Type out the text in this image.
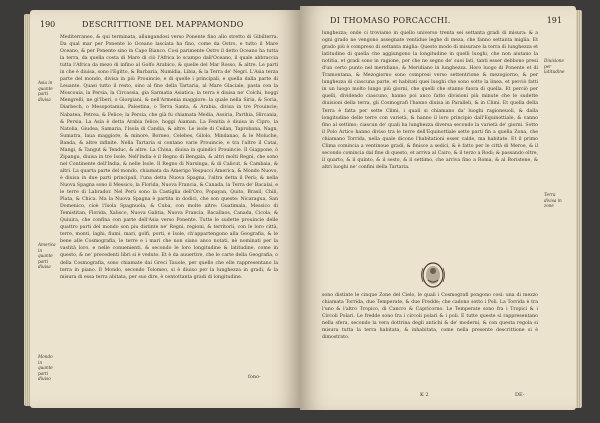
190	DESCRITTIONE DEL MAPPAMONDO

Mediterraneo, & qui terminata, allungandosi verso Ponente fino allo stretto di Gibilterra. Da qual mar per Ponente lo Oceano lasciata ha fino, come da Ostro, e tutto il Mare Oceano, & per Ponente sino in Capo Bianco. Cosi parimente Ostro il detto Oceano ha tutta la terra, da quella costa di Mare di ciò l'Africa lo scampo dall'Oceano, il quale abbraccia tutta l'Africa da mezo di infino al Golfo Arabico, & quelle del Mar Rosso, & altre. Le parti in che è diuisa, sono l'Egitto, & Barbaria, Numidia, Libia, & la Terra de' Negri. L'Asia terza parte del mondo, divisa in più Prouincie, e di quelle i principali, e quella dalla parte di Leuante. Quasi tutto il resto, sino al fine della Tartaria, al Mare Glaciale, pasta con la Moscouia, la Persia, la Circassia, gia Sarmatia Asiatica; la terra è diuisa ne' Colchi, hoggi Mengrelli, ne gl'Iberi, o Giorgiani, & nell'Armenia maggiore: la quale nella Siria, & Soria, Diarbech, o Mesopotamia, Palestina, o Terra Santa, & Arabia, divisa in tre Prouincie; Nabatea, Petrea, & Felice; la Persia, che già fu chiamata Media, Assiria, Parthia, Hircania, & Persia. La Asia è detta Arabia felice, hoggi Aiaman. La Fenitia è diuisa in Cipro, la Natolia, Giudea, Samaria, l'Isola di Candia, & altre. Le isole di Ceilan, Taprobana, Nagn, Sumatra, Iaua maggiore, & minore, Borneo, Celebes, Gilolo, Mindanao, & le Moluche, Banda, & altre infinite. Nella Tartaria si contano varie Prouincie, e tra l'altre il Catai, Mangi, & Tangut & Tenduc, & altre. La China, diuisa in quindici Prouincie. Il Giappone, ò Zipangu, diuisa in tre Isole. Nell'India è il Regno di Bengala, & altri molti Regni, che sono nel Continente dell'India, & nelle Isole. Il Regno di Narsinga, & di Calicut, & Cambaia, & altri. La quarta parte del mondo, chiamata da Amerigo Vespucci America, & Mondo Nuovo, è diuisa in due parti principali, l'una detta Nuova Spagna, l'altra detta il Perù; & nella Nuova Spagna sono il Messico, la Florida, Nuova Francia, & Canada, la Terra de' Bacalai, e le terre di Labrador. Nel Perù sono la Castiglia dell'Oro, Popayan, Quito, Brasil, Chili, Plata, & Chica. Ma la Nuova Spagna è partita in dodici, che son queste: Nicaragua, San Domenico, cioè l'Isola Spagnuola, & Cuba, con molte altre: Guatimala, Messico di Temistitan, Florida, Xalisco, Nuova Galitia, Nuova Francia, Bacallaos, Canada, Cicola, & Quiuira, che confina con parte dell'Asia verso Ponente. Tutte le sudette prouincie delle quattro parti del mondo son piu distinte ne' Regni, regioni, & territorii, con le loro città, terre, monti, laghi, fiumi, mari, golfi, porti, e Isole, ch'appartengono alla Geografia, & le bene alle Cosmografia, le terre e i mari che non siano anco notati, nè nominati per la vastità loro, e nelle conuenienti, & secondo le loro longitudine & latitudine, come in questo, & ne' precedenti libri si è veduto. Et è da auuertire, che le carte della Geografia, o della Cosmografia, sono chiamate dai Greci Tauole, per quello che elle rappresentano la terra in piano. Il Mondo, secondo Tolomeo, si è diuiso per la lunghezza in gradi, & la misura di essa terra abitata, per suo dire, è centottanta gradi di longitudine.

Asia in quante parti diuisa
America in quante parti diuisa
Mondo in quante parti diuiso	fono-
DI THOMASO PORCACCHI.	191

lunghezza; onde ci troviamo in quello universo trenta sei settanta gradi di misura: & a ogni grado ne vengono assegnate ventidue leghe di meza, che fanno settanta miglia. Et grado più è compreso di settanta miglia: Questo modo di misurare la terra di lunghezza et latitudine di quella che aggiungono la longitudine in quelli luoghi, che non aiutano la notitia, et gradi sono in ragione, per che ne segno de' suoi lati, tanti esser debbono presi d'un certo punto nel meridiano, & Meridiano in lunghezza. Horo luogo di Ponente et di Tramontana, & Mezogiorno sono compresi verso settentrione & mezogiorno, & per lunghezza di ciascuna parte, et habitati quei luoghi che sono sotto la linea, et perciò fatti in un luogo molto lungo più giorni, che quelli che stanno fuora di quella. Et perciò per quelli, dividendo ciascuno, hanno poi anco fatto divisioni più minute che le sudette diuisioni della terra, gli Cosmografi l'hanno diuisa in Paralleli, & in Climi. Et quella della Terra è fatta per sette Climi, i quali si chiamano da' luoghi ragioneuoli, & dalla longitudine delle terre con varietà, & hanno il loro principio dall'Equinottiale, & vanno fino al settimo; ciascun de' quali ha lunghezza diversa secondo la varietà de' giorni. Sotto il Polo Artico hanno diviso tra le terre dell'Equinottiale sette parti fin a quella Zona, che chiamano Torrida, nella quale dicono l'habitationi esser calde, ma habitate. Et il primo Clima comincia a ventinoue gradi, & finisce a sedici, & è fatto per le città di Meroe, & il secondo comincia dal fine di questo, et arriva al Cairo, & il terzo a Rodi; & passando oltre, il quarto, & il quinto, & il sesto, & il settimo, che arriva fino a Roma, & al Boristene, & altri luoghi ne' confini della Tartaria.

Diuisione per latitudine
Terra divisa in zone

sono distinte le cinque Zone del Cielo, le quali i Cosmografi pongono così: una di mezzo chiamata Torrida, due Temperate, & due Fredde; che cadono sotto i Poli. La Torrida è tra l'uno & l'altro Tropico, di Cancro & Capricorno. Le Temperate sono fra i Tropici & i Circoli Polari. Le fredde sono fra i circoli polari & i poli. E tutte queste si rappresentano nella sfera, secondo la vera dottrina degli antichi & de' moderni, & con questa regola si misura tutta la terra habitata, & inhabitata, come nella presente descrittione si è dimostrato.

K 2	DE-
